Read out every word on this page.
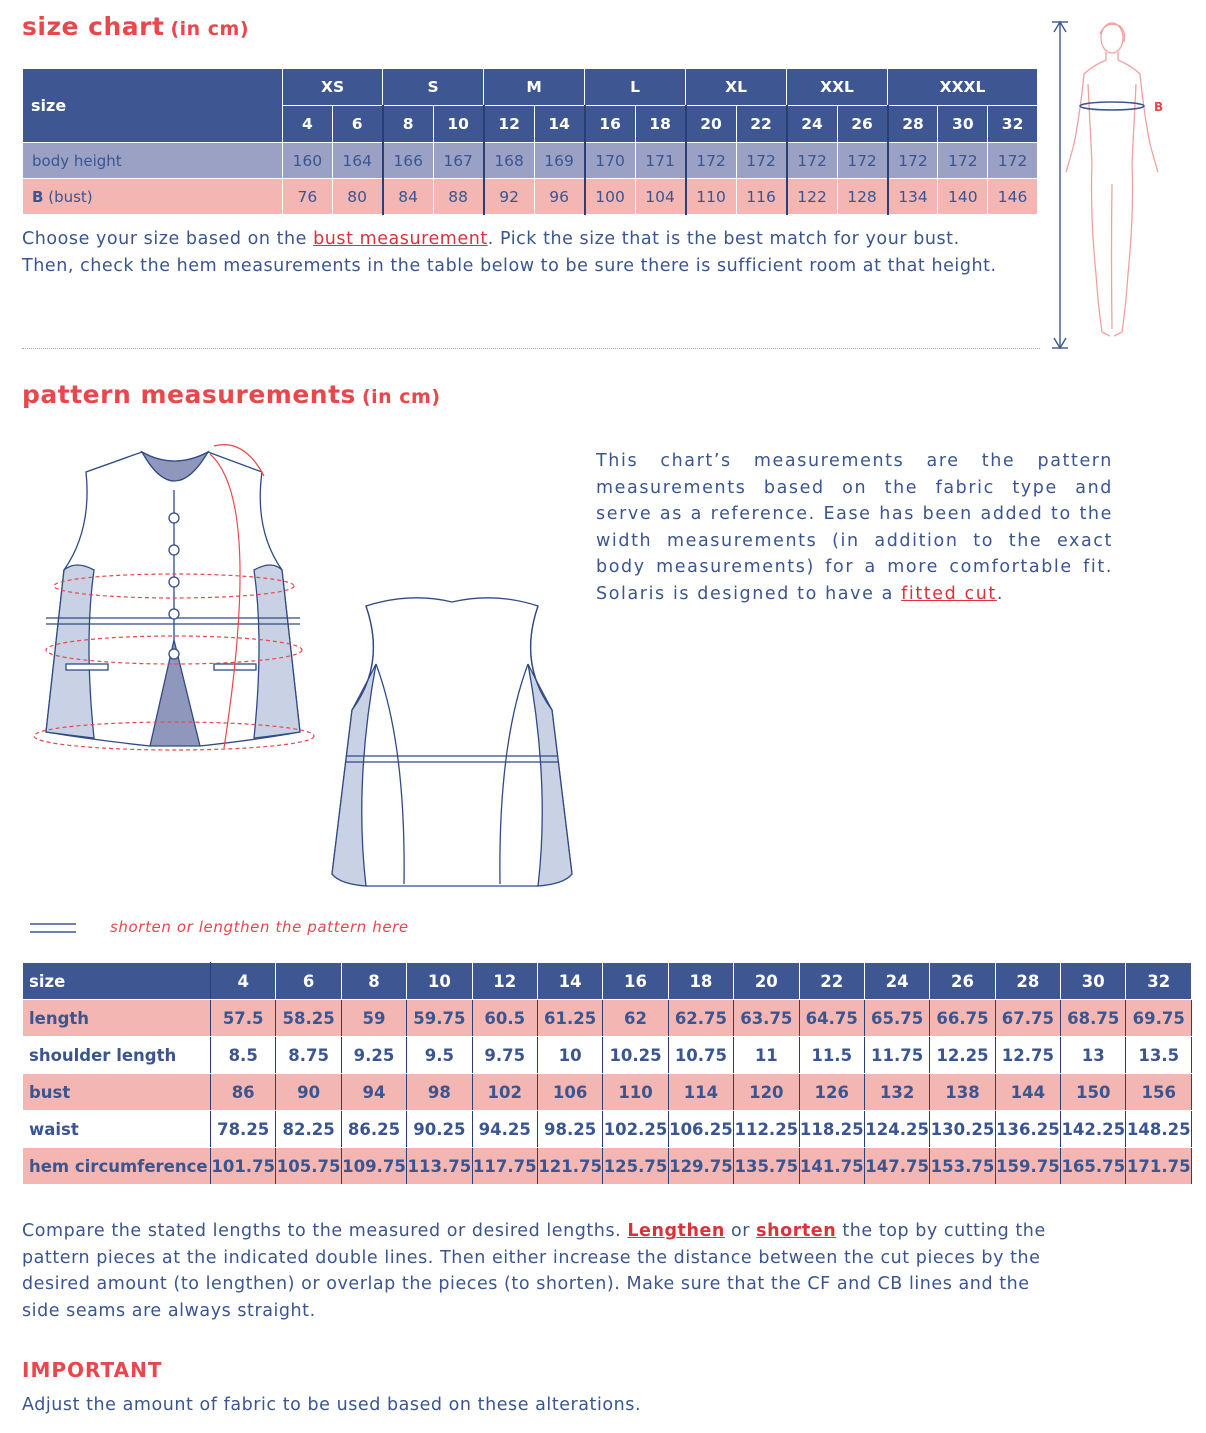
size chart (in cm)
size	XS		S		M		L		XL		XXL		XXXL		
	4	6	8	10	12	14	16	18	20	22	24	26	28	30	32
body height	160	164	166	167	168	169	170	171	172	172	172	172	172	172	172
B (bust)	76	80	84	88	92	96	100	104	110	116	122	128	134	140	146
Choose your size based on the bust measurement. Pick the size that is the best match for your bust.
Then, check the hem measurements in the table below to be sure there is sufficient room at that height.
B
pattern measurements (in cm)
This chart’s measurements are the pattern measurements based on the fabric type and serve as a reference. Ease has been added to the width measurements (in addition to the exact body measurements) for a more comfortable fit. Solaris is designed to have a fitted cut.
shorten or lengthen the pattern here
size	4	6	8	10	12	14	16	18	20	22	24	26	28	30	32
length	57.5	58.25	59	59.75	60.5	61.25	62	62.75	63.75	64.75	65.75	66.75	67.75	68.75	69.75
shoulder length	8.5	8.75	9.25	9.5	9.75	10	10.25	10.75	11	11.5	11.75	12.25	12.75	13	13.5
bust	86	90	94	98	102	106	110	114	120	126	132	138	144	150	156
waist	78.25	82.25	86.25	90.25	94.25	98.25	102.25	106.25	112.25	118.25	124.25	130.25	136.25	142.25	148.25
hem circumference	101.75	105.75	109.75	113.75	117.75	121.75	125.75	129.75	135.75	141.75	147.75	153.75	159.75	165.75	171.75
Compare the stated lengths to the measured or desired lengths. Lengthen or shorten the top by cutting the pattern pieces at the indicated double lines. Then either increase the distance between the cut pieces by the desired amount (to lengthen) or overlap the pieces (to shorten). Make sure that the CF and CB lines and the side seams are always straight.
IMPORTANT
Adjust the amount of fabric to be used based on these alterations.
